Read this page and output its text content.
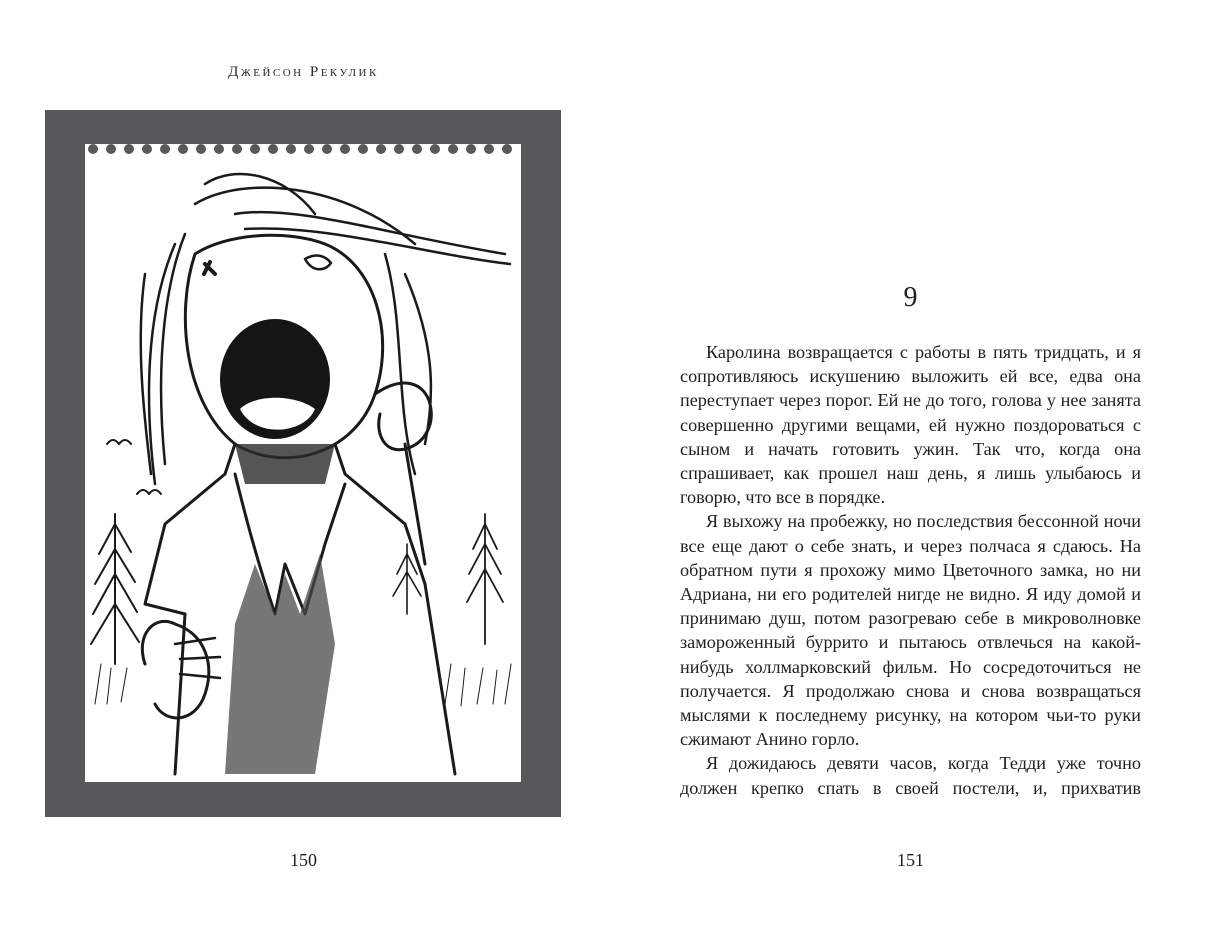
Джейсон Рекулик
150
9

Каролина возвращается с работы в пять тридцать, и я сопротивляюсь искушению выложить ей все, едва она переступает через порог. Ей не до того, голова у нее занята совершенно другими вещами, ей нужно поздороваться с сыном и начать готовить ужин. Так что, когда она спрашивает, как прошел наш день, я лишь улыбаюсь и говорю, что все в порядке.

Я выхожу на пробежку, но последствия бессонной ночи все еще дают о себе знать, и через полчаса я сдаюсь. На обратном пути я прохожу мимо Цветочного замка, но ни Адриана, ни его родителей нигде не видно. Я иду домой и принимаю душ, потом разогреваю себе в микроволновке замороженный буррито и пытаюсь отвлечься на какой-нибудь холлмарковский фильм. Но сосредоточиться не получается. Я продолжаю снова и снова возвращаться мыслями к последнему рисунку, на котором чьи-то руки сжимают Анино горло.

Я дожидаюсь девяти часов, когда Тедди уже точно должен крепко спать в своей постели, и, прихватив

151
